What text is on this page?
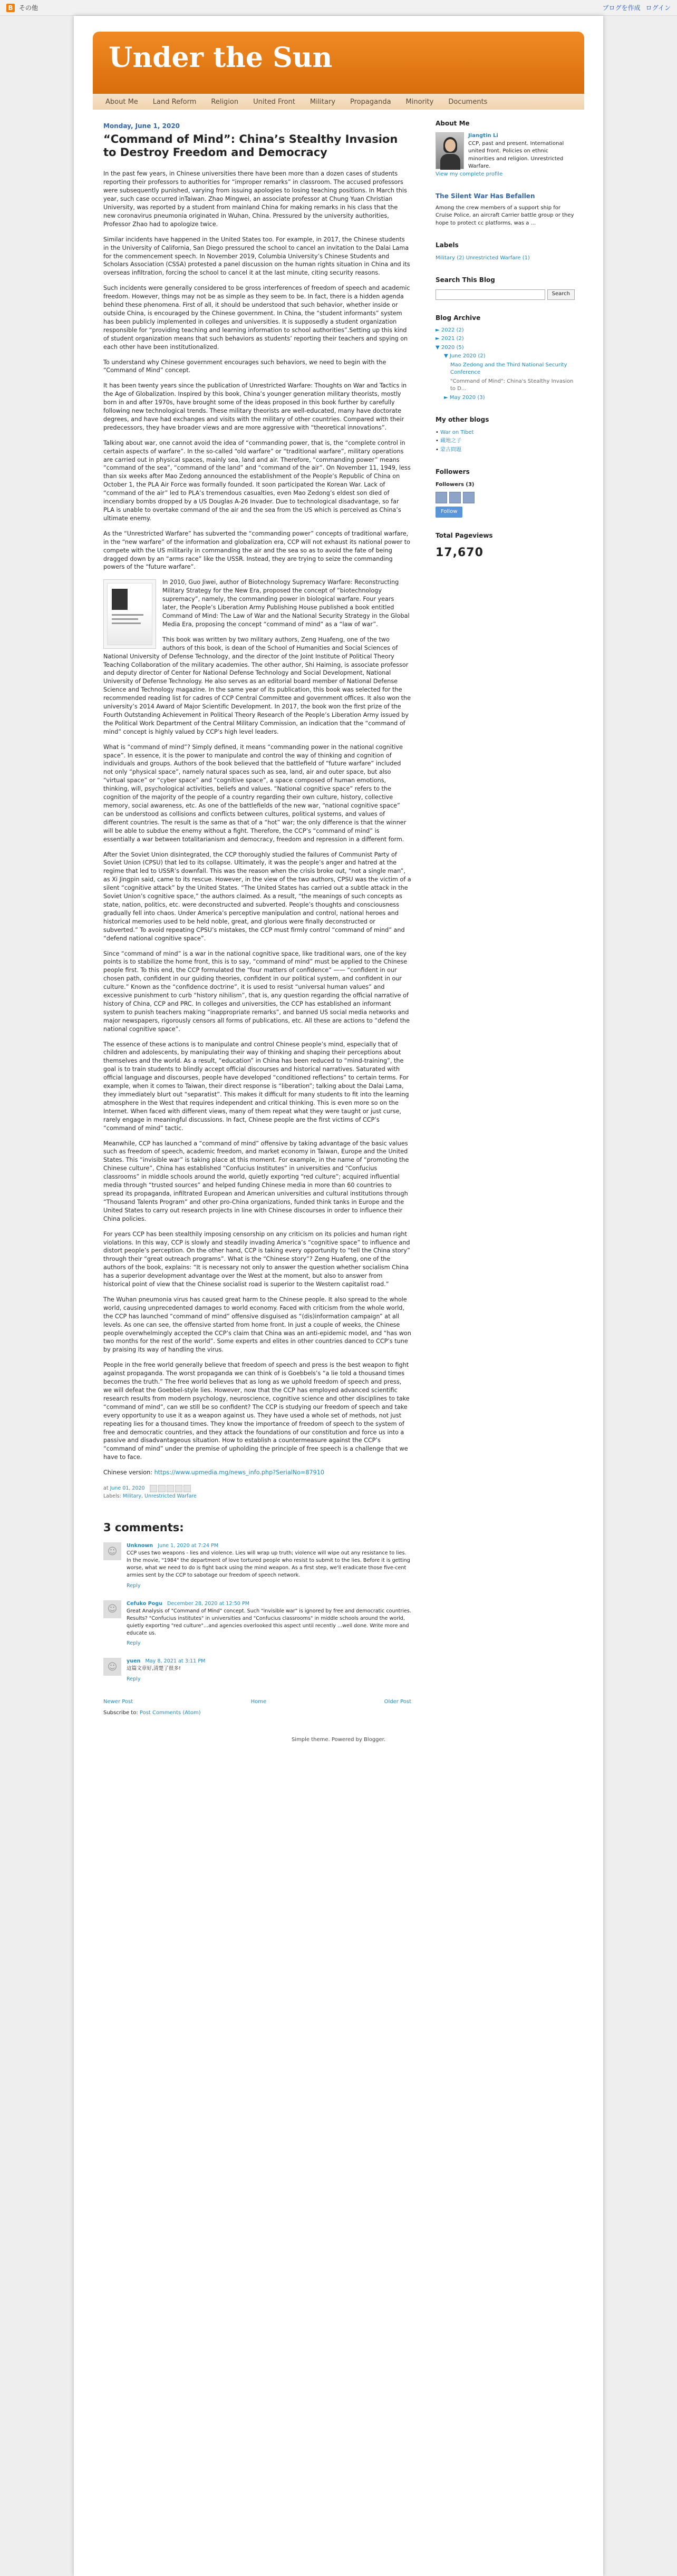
B その他	ブログを作成 ログイン
Under the Sun
About Me	Land Reform	Religion	United Front	Military	Propaganda	Minority	Documents
Monday, June 1, 2020
“Command of Mind”: China’s Stealthy Invasion to Destroy Freedom and Democracy

In the past few years, in Chinese universities there have been more than a dozen cases of students reporting their professors to authorities for “improper remarks” in classroom. The accused professors were subsequently punished, varying from issuing apologies to losing teaching positions. In March this year, such case occurred inTaiwan. Zhao Mingwei, an associate professor at Chung Yuan Christian University, was reported by a student from mainland China for making remarks in his class that the new coronavirus pneumonia originated in Wuhan, China. Pressured by the university authorities, Professor Zhao had to apologize twice.

Similar incidents have happened in the United States too. For example, in 2017, the Chinese students in the University of California, San Diego pressured the school to cancel an invitation to the Dalai Lama for the commencement speech. In November 2019, Columbia University’s Chinese Students and Scholars Association (CSSA) protested a panel discussion on the human rights situation in China and its overseas infiltration, forcing the school to cancel it at the last minute, citing security reasons.

Such incidents were generally considered to be gross interferences of freedom of speech and academic freedom. However, things may not be as simple as they seem to be. In fact, there is a hidden agenda behind these phenomena. First of all, it should be understood that such behavior, whether inside or outside China, is encouraged by the Chinese government. In China, the “student informants” system has been publicly implemented in colleges and universities. It is supposedly a student organization responsible for “providing teaching and learning information to school authorities”.Setting up this kind of student organization means that such behaviors as students’ reporting their teachers and spying on each other have been institutionalized.

To understand why Chinese government encourages such behaviors, we need to begin with the “Command of Mind” concept.

It has been twenty years since the publication of Unrestricted Warfare: Thoughts on War and Tactics in the Age of Globalization. Inspired by this book, China’s younger generation military theorists, mostly born in and after 1970s, have brought some of the ideas proposed in this book further by carefully following new technological trends. These military theorists are well-educated, many have doctorate degrees, and have had exchanges and visits with the military of other countries. Compared with their predecessors, they have broader views and are more aggressive with “theoretical innovations”.

Talking about war, one cannot avoid the idea of “commanding power, that is, the “complete control in certain aspects of warfare”. In the so-called “old warfare” or “traditional warfare”, military operations are carried out in physical spaces, mainly sea, land and air. Therefore, “commanding power” means “command of the sea”, “command of the land” and “command of the air”. On November 11, 1949, less than six weeks after Mao Zedong announced the establishment of the People’s Republic of China on October 1, the PLA Air Force was formally founded. It soon participated the Korean War. Lack of “command of the air” led to PLA’s tremendous casualties, even Mao Zedong’s eldest son died of incendiary bombs dropped by a US Douglas A-26 Invader. Due to technological disadvantage, so far PLA is unable to overtake command of the air and the sea from the US which is perceived as China’s ultimate enemy.

As the “Unrestricted Warfare” has subverted the “commanding power” concepts of traditional warfare, in the “new warfare” of the information and globalization era, CCP will not exhaust its national power to compete with the US militarily in commanding the air and the sea so as to avoid the fate of being dragged down by an “arms race” like the USSR. Instead, they are trying to seize the commanding powers of the “future warfare”.

In 2010, Guo Jiwei, author of Biotechnology Supremacy Warfare: Reconstructing Military Strategy for the New Era, proposed the concept of “biotechnology supremacy”, namely, the commanding power in biological warfare. Four years later, the People’s Liberation Army Publishing House published a book entitled Command of Mind: The Law of War and the National Security Strategy in the Global Media Era, proposing the concept “command of mind” as a “law of war”.

This book was written by two military authors, Zeng Huafeng, one of the two authors of this book, is dean of the School of Humanities and Social Sciences of National University of Defense Technology, and the director of the Joint Institute of Political Theory Teaching Collaboration of the military academies. The other author, Shi Haiming, is associate professor and deputy director of Center for National Defense Technology and Social Development, National University of Defense Technology. He also serves as an editorial board member of National Defense Science and Technology magazine. In the same year of its publication, this book was selected for the recommended reading list for cadres of CCP Central Committee and government offices. It also won the university’s 2014 Award of Major Scientific Development. In 2017, the book won the first prize of the Fourth Outstanding Achievement in Political Theory Research of the People’s Liberation Army issued by the Political Work Department of the Central Military Commission, an indication that the “command of mind” concept is highly valued by CCP’s high level leaders.

What is “command of mind”? Simply defined, it means “commanding power in the national cognitive space”. In essence, it is the power to manipulate and control the way of thinking and cognition of individuals and groups. Authors of the book believed that the battlefield of “future warfare” included not only “physical space”, namely natural spaces such as sea, land, air and outer space, but also “virtual space” or “cyber space” and “cognitive space”, a space composed of human emotions, thinking, will, psychological activities, beliefs and values. “National cognitive space” refers to the cognition of the majority of the people of a country regarding their own culture, history, collective memory, social awareness, etc. As one of the battlefields of the new war, “national cognitive space” can be understood as collisions and conflicts between cultures, political systems, and values of different countries. The result is the same as that of a “hot” war; the only difference is that the winner will be able to subdue the enemy without a fight. Therefore, the CCP’s “command of mind” is essentially a war between totalitarianism and democracy, freedom and repression in a different form.

After the Soviet Union disintegrated, the CCP thoroughly studied the failures of Communist Party of Soviet Union (CPSU) that led to its collapse. Ultimately, it was the people’s anger and hatred at the regime that led to USSR’s downfall. This was the reason when the crisis broke out, “not a single man”, as Xi Jingpin said, came to its rescue. However, in the view of the two authors, CPSU was the victim of a silent “cognitive attack” by the United States. “The United States has carried out a subtle attack in the Soviet Union’s cognitive space,” the authors claimed. As a result, “the meanings of such concepts as state, nation, politics, etc. were deconstructed and subverted. People’s thoughts and consciousness gradually fell into chaos. Under America’s perceptive manipulation and control, national heroes and historical memories used to be held noble, great, and glorious were finally deconstructed or subverted.” To avoid repeating CPSU’s mistakes, the CCP must firmly control “command of mind” and “defend national cognitive space”.

Since “command of mind” is a war in the national cognitive space, like traditional wars, one of the key points is to stabilize the home front, this is to say, “command of mind” must be applied to the Chinese people first. To this end, the CCP formulated the “four matters of confidence” —— “confident in our chosen path, confident in our guiding theories, confident in our political system, and confident in our culture.” Known as the “confidence doctrine”, it is used to resist “universal human values” and excessive punishment to curb “history nihilism”, that is, any question regarding the official narrative of history of China, CCP and PRC. In colleges and universities, the CCP has established an informant system to punish teachers making “inappropriate remarks”, and banned US social media networks and major newspapers, rigorously censors all forms of publications, etc. All these are actions to “defend the national cognitive space”.

The essence of these actions is to manipulate and control Chinese people’s mind, especially that of children and adolescents, by manipulating their way of thinking and shaping their perceptions about themselves and the world. As a result, “education” in China has been reduced to “mind-training”, the goal is to train students to blindly accept official discourses and historical narratives. Saturated with official language and discourses, people have developed “conditioned reflections” to certain terms. For example, when it comes to Taiwan, their direct response is “liberation”; talking about the Dalai Lama, they immediately blurt out “separatist”. This makes it difficult for many students to fit into the learning atmosphere in the West that requires independent and critical thinking. This is even more so on the Internet. When faced with different views, many of them repeat what they were taught or just curse, rarely engage in meaningful discussions. In fact, Chinese people are the first victims of CCP’s “command of mind” tactic.

Meanwhile, CCP has launched a “command of mind” offensive by taking advantage of the basic values such as freedom of speech, academic freedom, and market economy in Taiwan, Europe and the United States. This “invisible war” is taking place at this moment. For example, in the name of “promoting the Chinese culture”, China has established “Confucius Institutes” in universities and “Confucius classrooms” in middle schools around the world, quietly exporting “red culture”; acquired influential media through “trusted sources” and helped funding Chinese media in more than 60 countries to spread its propaganda, infiltrated European and American universities and cultural institutions through “Thousand Talents Program” and other pro-China organizations, funded think tanks in Europe and the United States to carry out research projects in line with Chinese discourses in order to influence their China policies.

For years CCP has been stealthily imposing censorship on any criticism on its policies and human right violations. In this way, CCP is slowly and steadily invading America’s “cognitive space” to influence and distort people’s perception. On the other hand, CCP is taking every opportunity to “tell the China story” through their “great outreach programs”. What is the “Chinese story”? Zeng Huafeng, one of the authors of the book, explains: “It is necessary not only to answer the question whether socialism China has a superior development advantage over the West at the moment, but also to answer from historical point of view that the Chinese socialist road is superior to the Western capitalist road.”

The Wuhan pneumonia virus has caused great harm to the Chinese people. It also spread to the whole world, causing unprecedented damages to world economy. Faced with criticism from the whole world, the CCP has launched “command of mind” offensive disguised as “(dis)information campaign” at all levels. As one can see, the offensive started from home front. In just a couple of weeks, the Chinese people overwhelmingly accepted the CCP’s claim that China was an anti-epidemic model, and “has won two months for the rest of the world”. Some experts and elites in other countries danced to CCP’s tune by praising its way of handling the virus.

People in the free world generally believe that freedom of speech and press is the best weapon to fight against propaganda. The worst propaganda we can think of is Goebbels’s “a lie told a thousand times becomes the truth.” The free world believes that as long as we uphold freedom of speech and press, we will defeat the Goebbel-style lies. However, now that the CCP has employed advanced scientific research results from modern psychology, neuroscience, cognitive science and other disciplines to take “command of mind”, can we still be so confident? The CCP is studying our freedom of speech and take every opportunity to use it as a weapon against us. They have used a whole set of methods, not just repeating lies for a thousand times. They know the importance of freedom of speech to the system of free and democratic countries, and they attack the foundations of our constitution and force us into a passive and disadvantageous situation. How to establish a countermeasure against the CCP’s “command of mind” under the premise of upholding the principle of free speech is a challenge that we have to face.

Chinese version: https://www.upmedia.mg/news_info.php?SerialNo=87910

at June 01, 2020
Labels: Military, Unrestricted Warfare
3 comments:
☺	Unknown June 1, 2020 at 7:24 PM
CCP uses two weapons - lies and violence. Lies will wrap up truth; violence will wipe out any resistance to lies. In the movie, "1984" the department of love tortured people who resist to submit to the lies. Before it is getting worse, what we need to do is fight back using the mind weapon. As a first step, we'll eradicate those five-cent armies sent by the CCP to sabotage our freedom of speech network.
Reply
☺	Cefuko Pogu December 28, 2020 at 12:50 PM
Great Analysis of "Command of Mind" concept. Such "invisible war" is ignored by free and democratic countries. Results? "Confucius institutes" in universities and "Confucius classrooms" in middle schools around the world, quietly exporting "red culture"...and agencies overlooked this aspect until recently ...well done. Write more and educate us.
Reply
☺	yuen May 8, 2021 at 3:11 PM
這篇文章好,清楚了很多!
Reply
Newer Post	Home	Older Post
Subscribe to: Post Comments (Atom)
About Me
Jiangtin Li
CCP, past and present. International united front. Policies on ethnic minorities and religion. Unrestricted Warfare.
View my complete profile
The Silent War Has Befallen
Among the crew members of a support ship for Cruise Police, an aircraft Carrier battle group or they hope to protect cc platforms, was a ...
Labels
Military (2) Unrestricted Warfare (1)
Search This Blog
Search
Blog Archive
► 2022 (2)
► 2021 (2)
▼ 2020 (5)
▼ June 2020 (2)
Mao Zedong and the Third National Security Conference
"Command of Mind": China's Stealthy Invasion to D...
► May 2020 (3)
My other blogs
• War on Tibet
• 藏地之子
• 蒙古問題
Followers
Followers (3)
Follow
Total Pageviews
17,670
Simple theme. Powered by Blogger.
